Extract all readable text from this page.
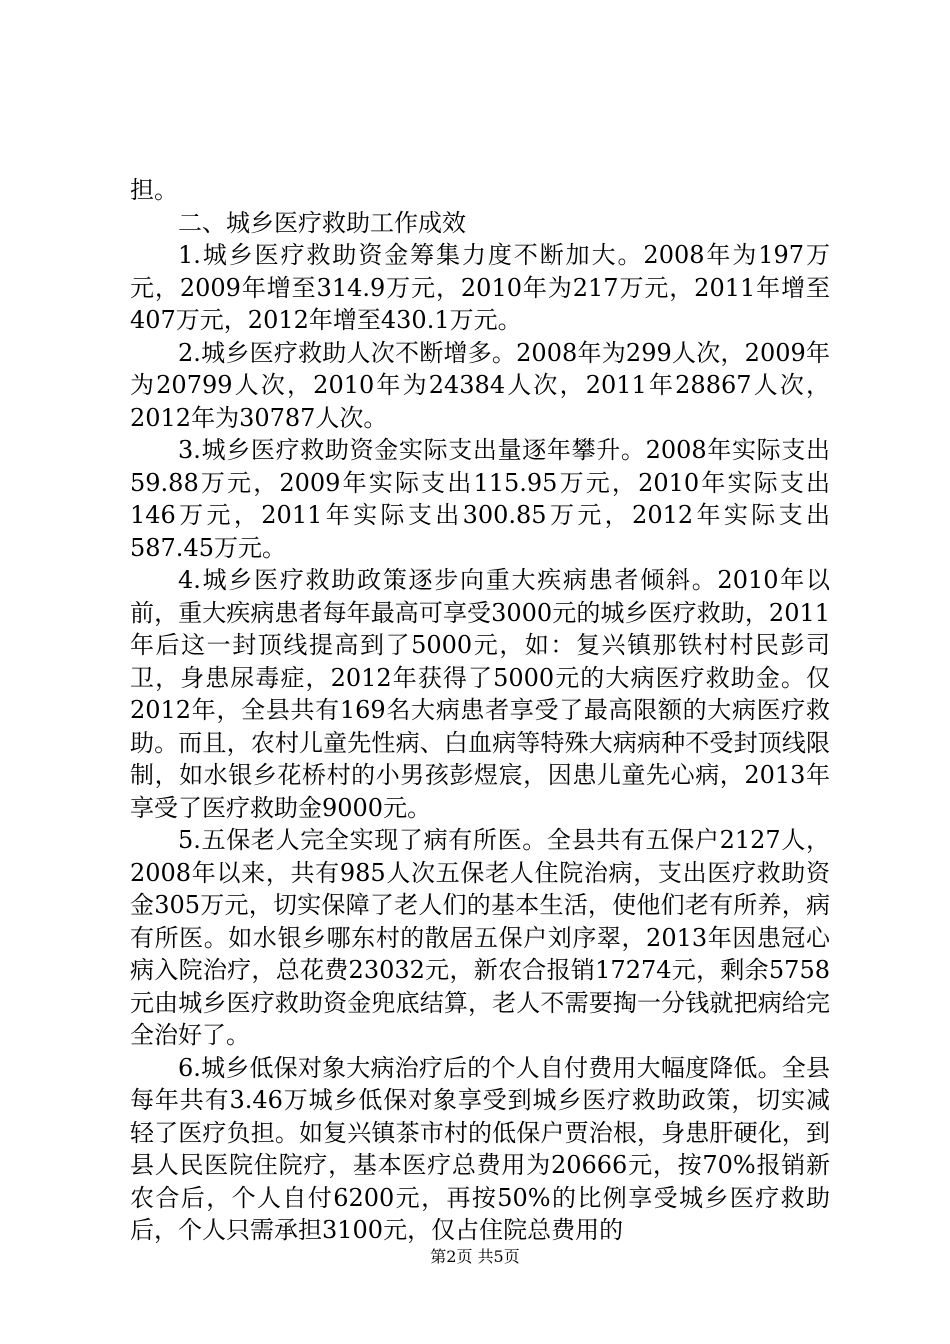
担。

二、城乡医疗救助工作成效

1.城乡医疗救助资金筹集力度不断加大。2008年为197万元，2009年增至314.9万元，2010年为217万元，2011年增至407万元，2012年增至430.1万元。

2.城乡医疗救助人次不断增多。2008年为299人次，2009年为20799人次，2010年为24384人次，2011年28867人次，2012年为30787人次。

3.城乡医疗救助资金实际支出量逐年攀升。2008年实际支出59.88万元，2009年实际支出115.95万元，2010年实际支出146万元，2011年实际支出300.85万元，2012年实际支出587.45万元。

4.城乡医疗救助政策逐步向重大疾病患者倾斜。2010年以前，重大疾病患者每年最高可享受3000元的城乡医疗救助，2011年后这一封顶线提高到了5000元，如：复兴镇那铁村村民彭司卫，身患尿毒症，2012年获得了5000元的大病医疗救助金。仅2012年，全县共有169名大病患者享受了最高限额的大病医疗救助。而且，农村儿童先性病、白血病等特殊大病病种不受封顶线限制，如水银乡花桥村的小男孩彭煜宸，因患儿童先心病，2013年享受了医疗救助金9000元。

5.五保老人完全实现了病有所医。全县共有五保户2127人，2008年以来，共有985人次五保老人住院治病，支出医疗救助资金305万元，切实保障了老人们的基本生活，使他们老有所养，病有所医。如水银乡哪东村的散居五保户刘序翠，2013年因患冠心病入院治疗，总花费23032元，新农合报销17274元，剩余5758元由城乡医疗救助资金兜底结算，老人不需要掏一分钱就把病给完全治好了。

6.城乡低保对象大病治疗后的个人自付费用大幅度降低。全县每年共有3.46万城乡低保对象享受到城乡医疗救助政策，切实减轻了医疗负担。如复兴镇茶市村的低保户贾治根，身患肝硬化，到县人民医院住院疗，基本医疗总费用为20666元，按70%报销新农合后，个人自付6200元，再按50%的比例享受城乡医疗救助后，个人只需承担3100元，仅占住院总费用的

第2页 共5页
